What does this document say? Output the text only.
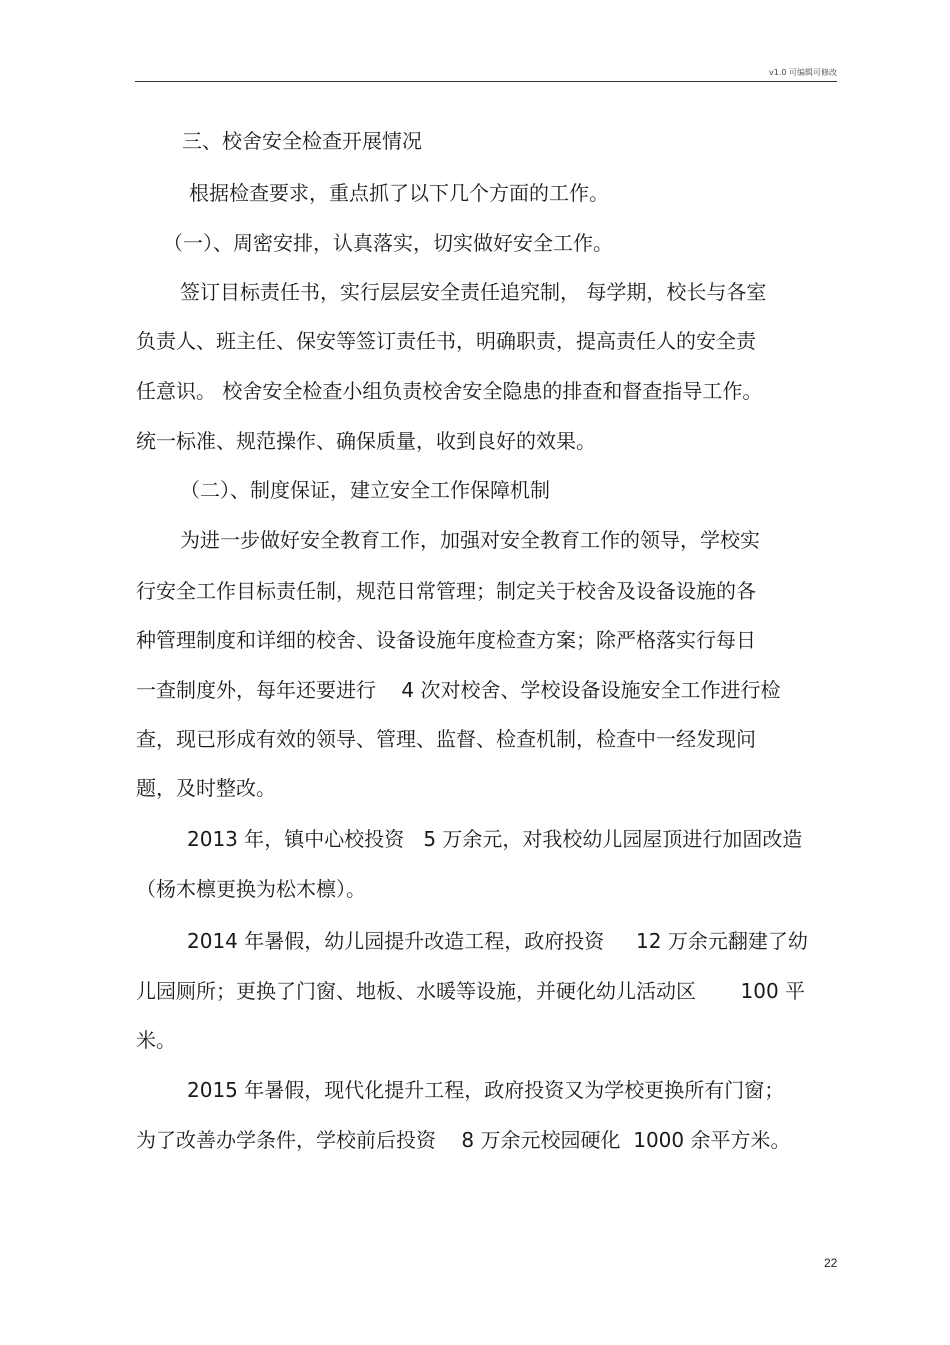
v1.0 可编辑可修改
三、校舍安全检查开展情况
根据检查要求，重点抓了以下几个方面的工作。
（一）、周密安排，认真落实，切实做好安全工作。
签订目标责任书，实行层层安全责任追究制， 每学期，校长与各室
负责人、班主任、保安等签订责任书，明确职责，提高责任人的安全责
任意识。 校舍安全检查小组负责校舍安全隐患的排查和督查指导工作。
统一标准、规范操作、确保质量，收到良好的效果。
（二）、制度保证，建立安全工作保障机制
为进一步做好安全教育工作，加强对安全教育工作的领导，学校实
行安全工作目标责任制，规范日常管理；制定关于校舍及设备设施的各
种管理制度和详细的校舍、设备设施年度检查方案；除严格落实行每日
一查制度外，每年还要进行    4 次对校舍、学校设备设施安全工作进行检
查，现已形成有效的领导、管理、监督、检查机制，检查中一经发现问
题，及时整改。
2013 年，镇中心校投资   5 万余元，对我校幼儿园屋顶进行加固改造
（杨木檩更换为松木檩）。
2014 年暑假，幼儿园提升改造工程，政府投资     12 万余元翻建了幼
儿园厕所；更换了门窗、地板、水暖等设施，并硬化幼儿活动区       100 平
米。
2015 年暑假，现代化提升工程，政府投资又为学校更换所有门窗；
为了改善办学条件，学校前后投资    8 万余元校园硬化  1000 余平方米。
22
